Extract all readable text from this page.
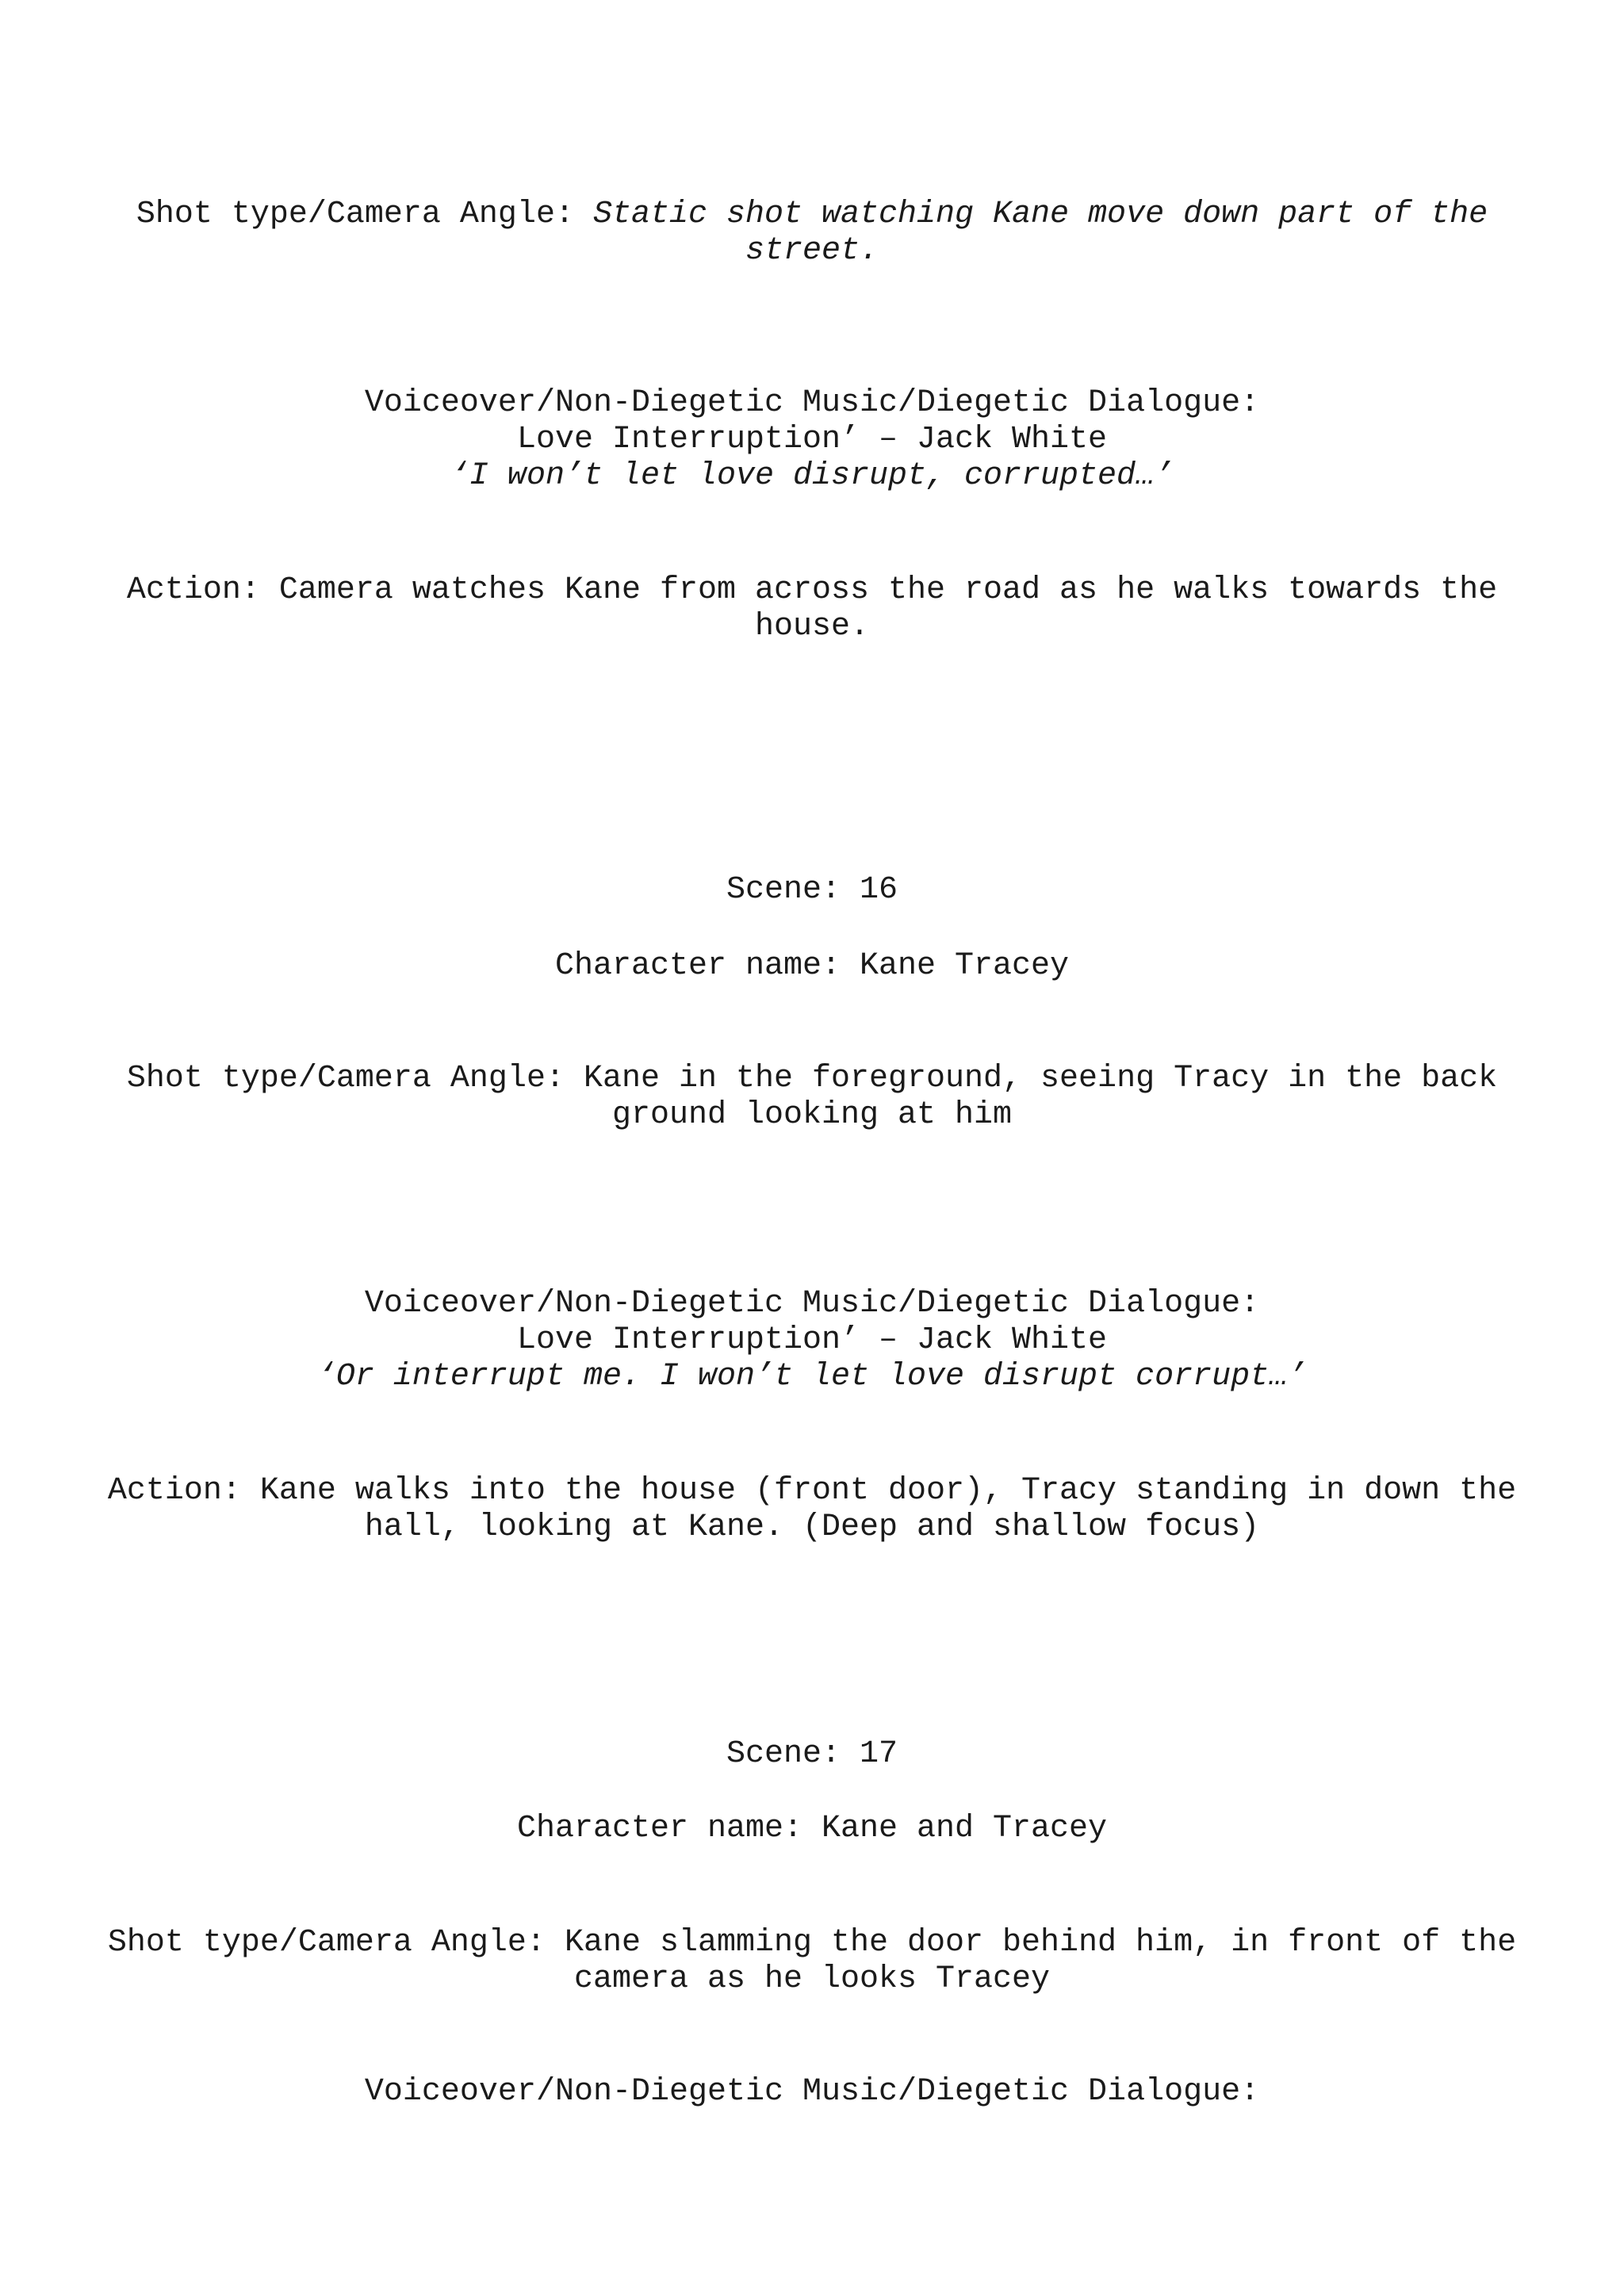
Shot type/Camera Angle: Static shot watching Kane move down part of the
street.
Voiceover/Non-Diegetic Music/Diegetic Dialogue:
Love Interruption’ – Jack White
‘I won’t let love disrupt, corrupted…’
Action: Camera watches Kane from across the road as he walks towards the
house.
Scene: 16
Character name: Kane Tracey
Shot type/Camera Angle: Kane in the foreground, seeing Tracy in the back
ground looking at him
Voiceover/Non-Diegetic Music/Diegetic Dialogue:
Love Interruption’ – Jack White
‘Or interrupt me. I won’t let love disrupt corrupt…’
Action: Kane walks into the house (front door), Tracy standing in down the
hall, looking at Kane. (Deep and shallow focus)
Scene: 17
Character name: Kane and Tracey
Shot type/Camera Angle: Kane slamming the door behind him, in front of the
camera as he looks Tracey
Voiceover/Non-Diegetic Music/Diegetic Dialogue:
